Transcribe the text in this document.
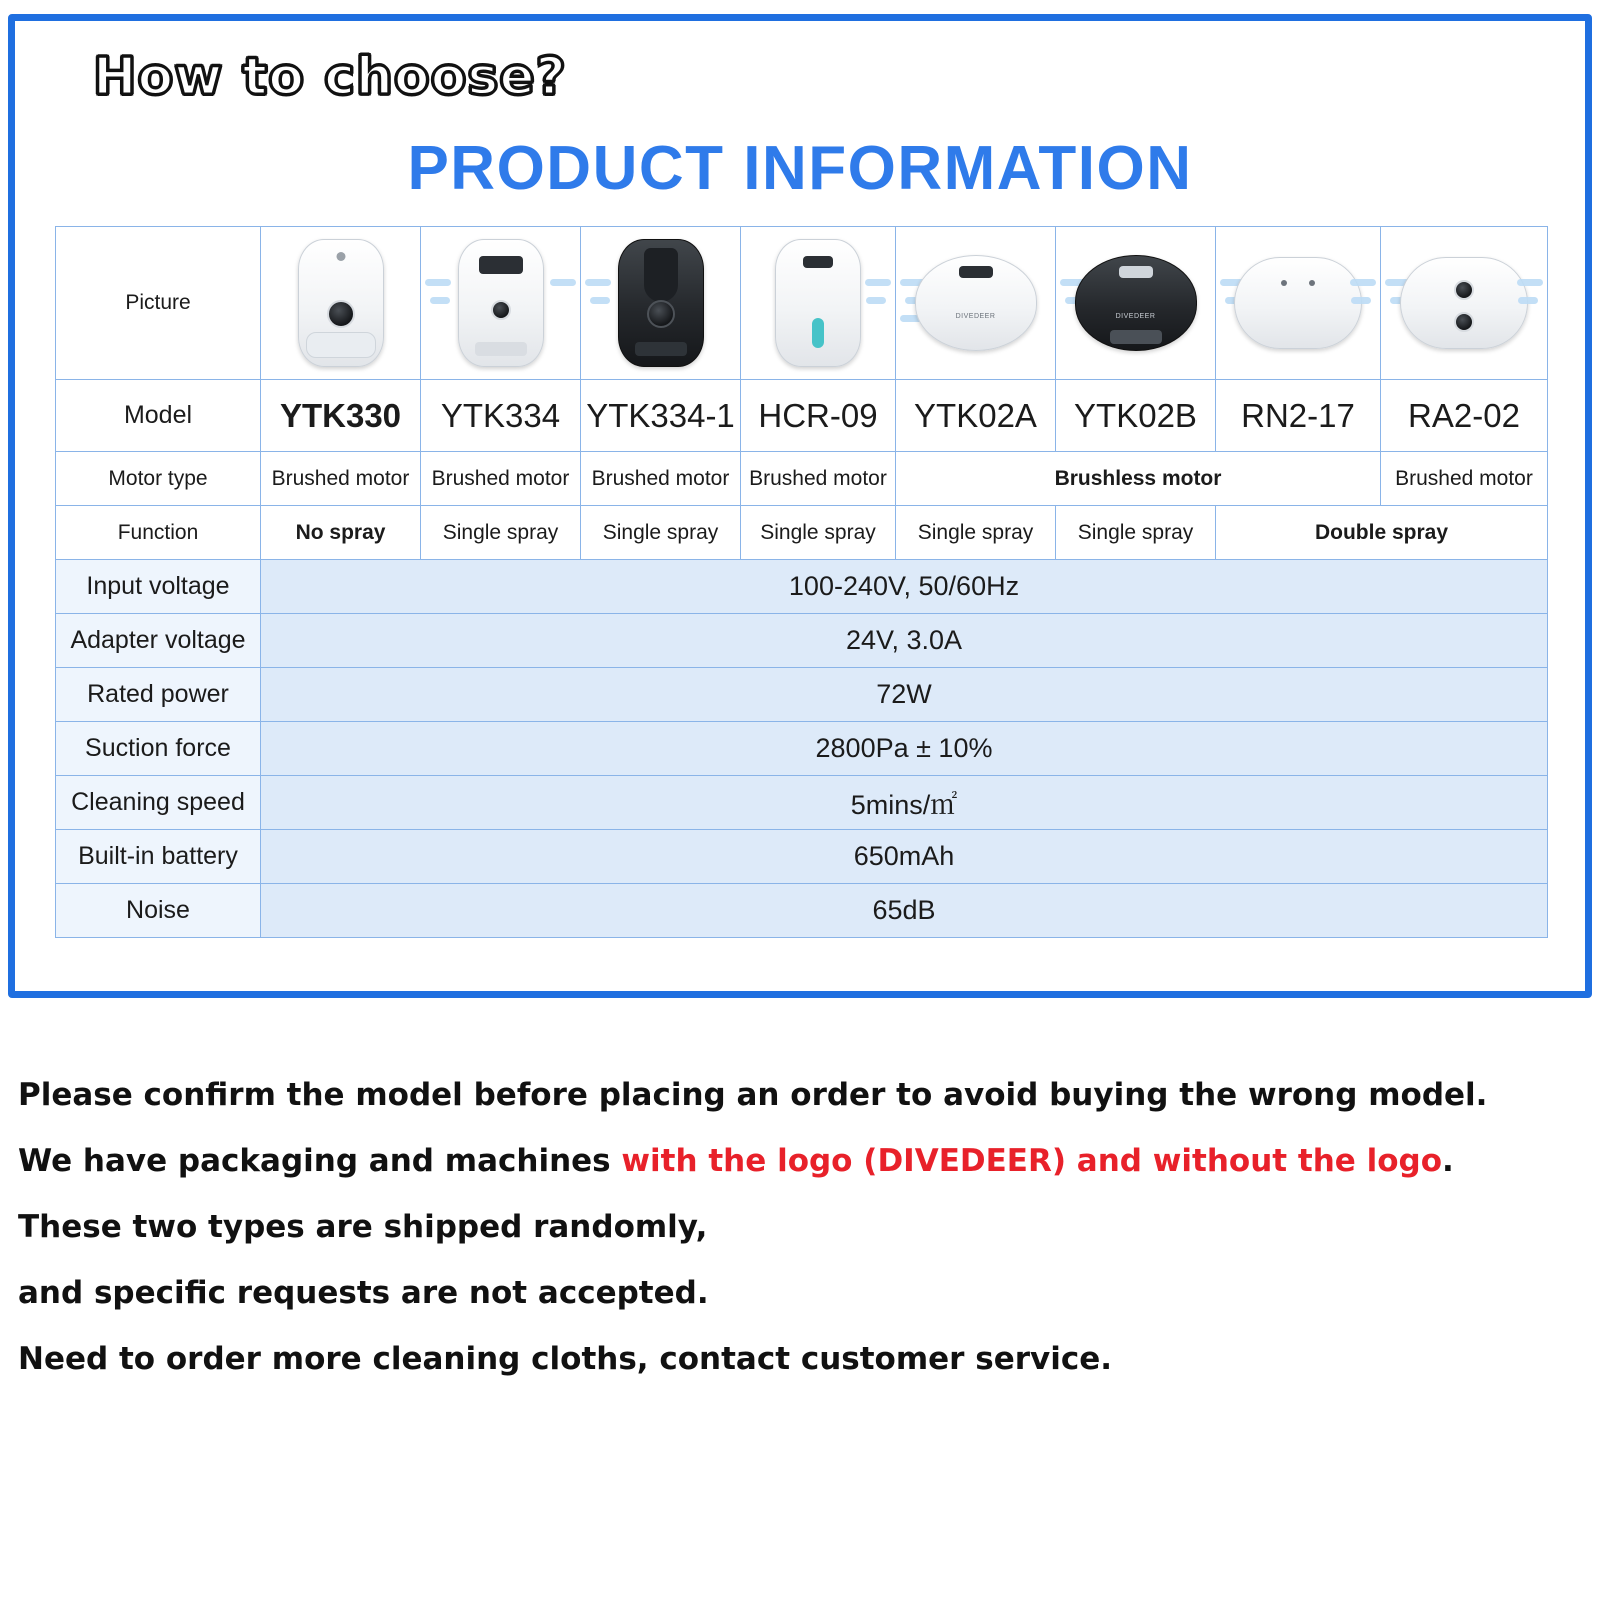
How to choose?
PRODUCT INFORMATION
Picture					DIVEDEER	DIVEDEER		

Model	YTK330	YTK334	YTK334-1	HCR-09	YTK02A	YTK02B	RN2-17	RA2-02
Motor type	Brushed motor	Brushed motor	Brushed motor	Brushed motor	Brushless motor			Brushed motor
Function	No spray	Single spray	Single spray	Single spray	Single spray	Single spray	Double spray	
Input voltage	100-240V, 50/60Hz							
Adapter voltage	24V, 3.0A							
Rated power	72W							
Suction force	2800Pa ± 10%							
Cleaning speed	5mins/㎡							
Built-in battery	650mAh							
Noise	65dB							
Please confirm the model before placing an order to avoid buying the wrong model.
We have packaging and machines with the logo (DIVEDEER) and without the logo.
These two types are shipped randomly,
and specific requests are not accepted.
Need to order more cleaning cloths, contact customer service.
